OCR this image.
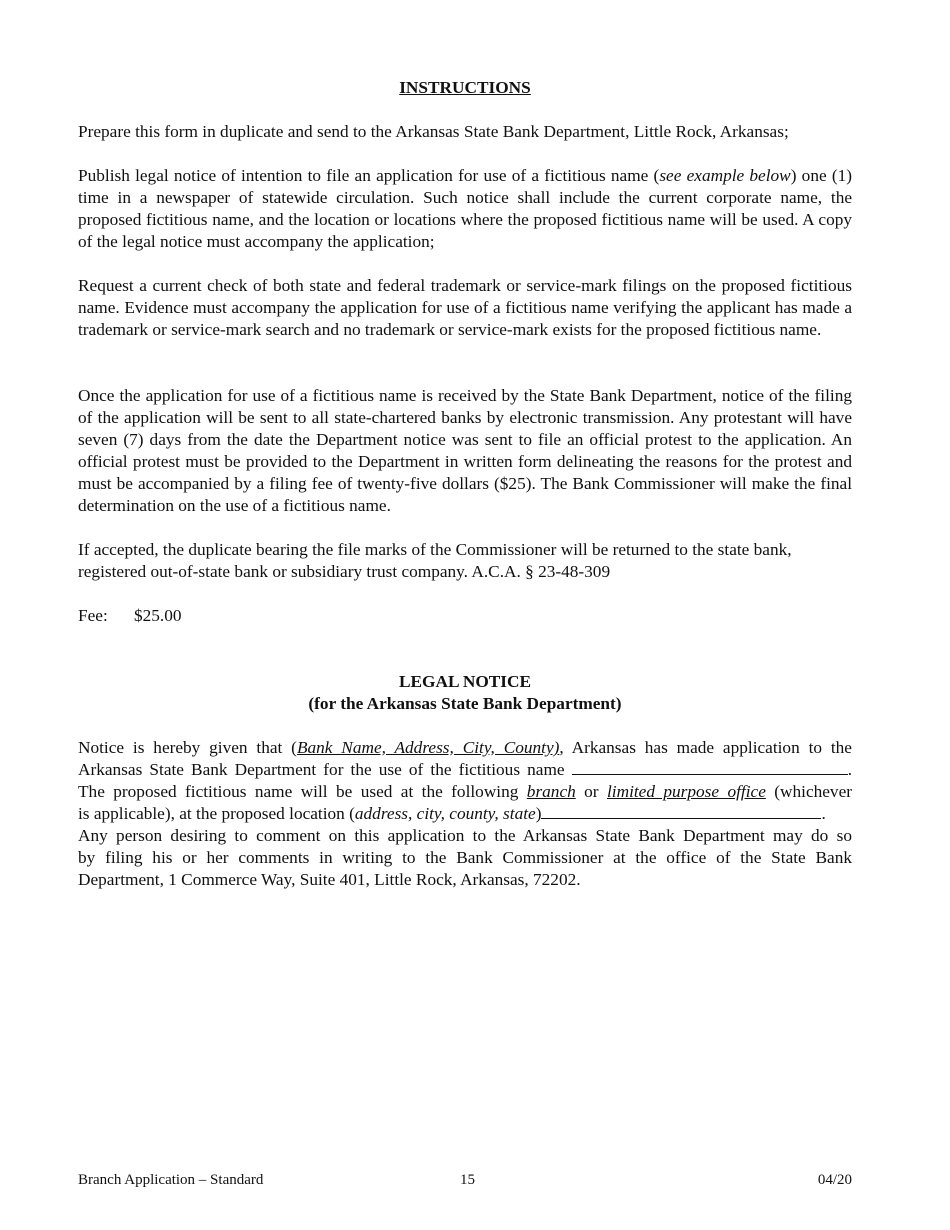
INSTRUCTIONS

Prepare this form in duplicate and send to the Arkansas State Bank Department, Little Rock, Arkansas;

Publish legal notice of intention to file an application for use of a fictitious name (see example below) one (1) time in a newspaper of statewide circulation. Such notice shall include the current corporate name, the proposed fictitious name, and the location or locations where the proposed fictitious name will be used. A copy of the legal notice must accompany the application;

Request a current check of both state and federal trademark or service-mark filings on the proposed fictitious name. Evidence must accompany the application for use of a fictitious name verifying the applicant has made a trademark or service-mark search and no trademark or service-mark exists for the proposed fictitious name.

Once the application for use of a fictitious name is received by the State Bank Department, notice of the filing of the application will be sent to all state-chartered banks by electronic transmission. Any protestant will have seven (7) days from the date the Department notice was sent to file an official protest to the application. An official protest must be provided to the Department in written form delineating the reasons for the protest and must be accompanied by a filing fee of twenty-five dollars ($25). The Bank Commissioner will make the final determination on the use of a fictitious name.

If accepted, the duplicate bearing the file marks of the Commissioner will be returned to the state bank, registered out-of-state bank or subsidiary trust company. A.C.A. § 23-48-309

Fee: $25.00

LEGAL NOTICE
(for the Arkansas State Bank Department)
Notice is hereby given that (Bank Name, Address, City, County), Arkansas has made application to the
Arkansas State Bank Department for the use of the fictitious name	.
The proposed fictitious name will be used at the following branch or limited purpose office (whichever
is applicable), at the proposed location (address, city, county, state)	.
Any person desiring to comment on this application to the Arkansas State Bank Department may do so
by filing his or her comments in writing to the Bank Commissioner at the office of the State Bank
Department, 1 Commerce Way, Suite 401, Little Rock, Arkansas, 72202.
Branch Application – Standard	15	04/20
